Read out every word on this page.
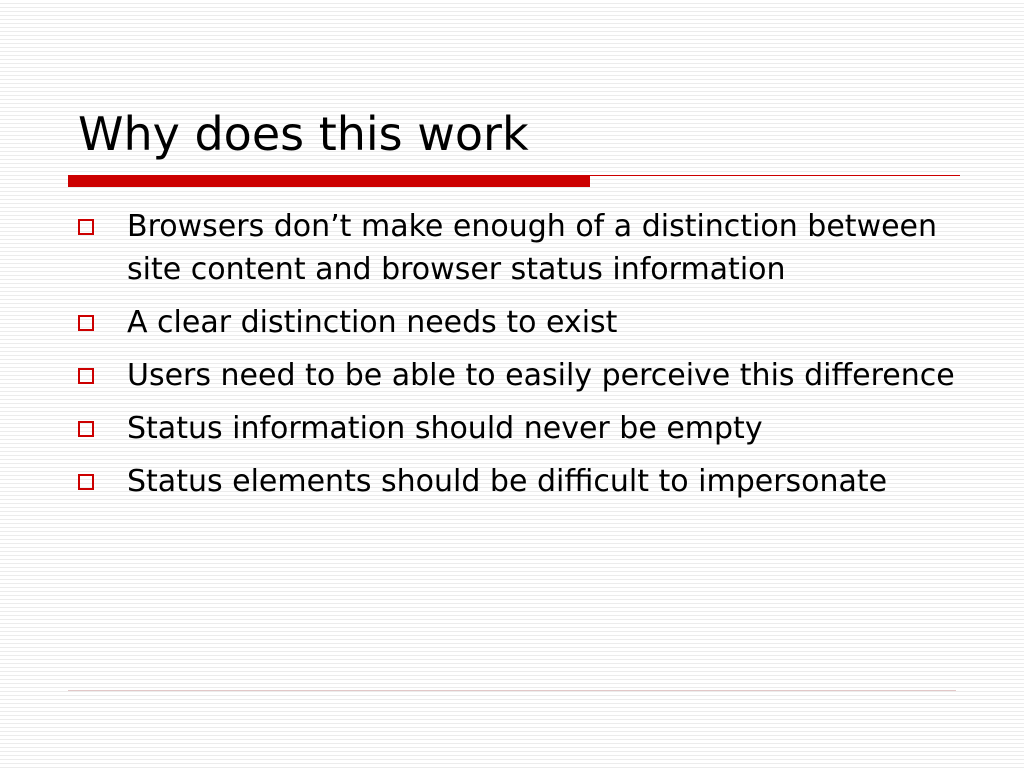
Why does this work
Browsers don’t make enough of a distinction between site content and browser status information
A clear distinction needs to exist
Users need to be able to easily perceive this difference
Status information should never be empty
Status elements should be difficult to impersonate
